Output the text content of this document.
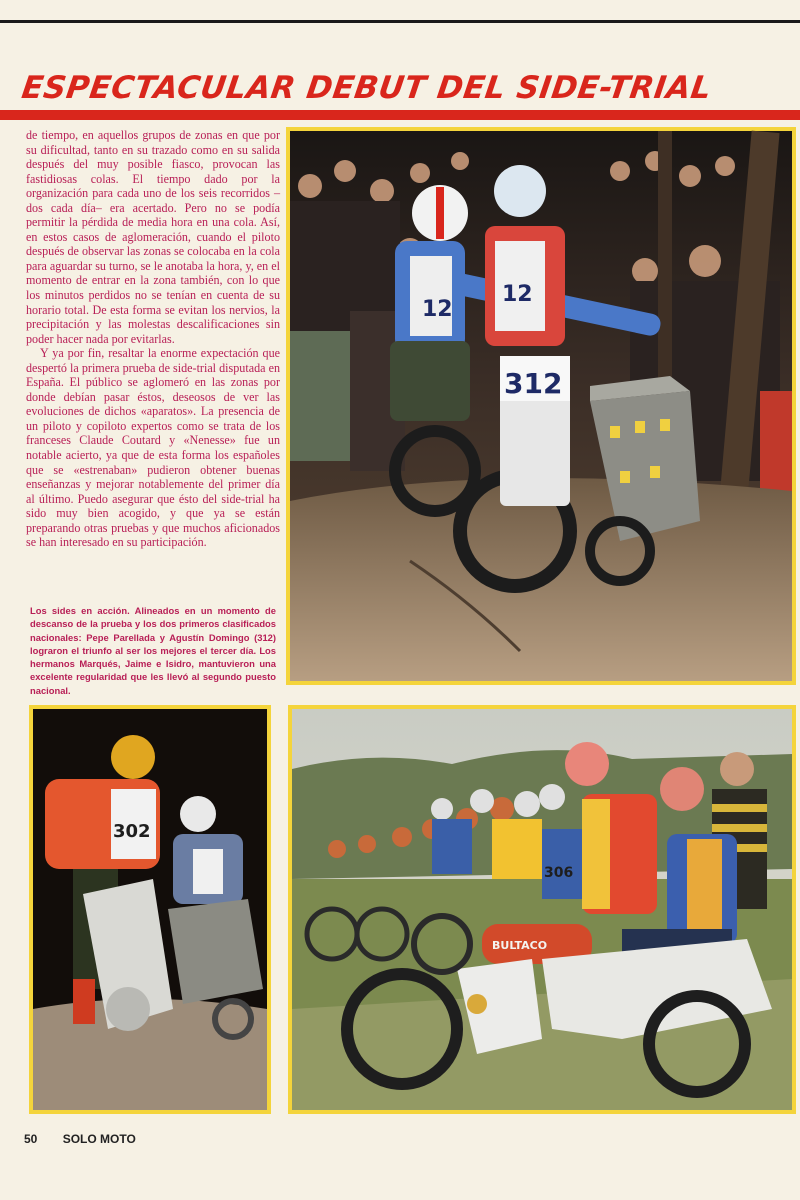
ESPECTACULAR DEBUT DEL SIDE-TRIAL

de tiempo, en aquellos grupos de zonas en que por su dificultad, tanto en su trazado como en su salida después del muy posible fiasco, provocan las fastidiosas colas. El tiempo dado por la organización para cada uno de los seis recorridos –dos cada día– era acertado. Pero no se podía permitir la pérdida de media hora en una cola. Así, en estos casos de aglomeración, cuando el piloto después de observar las zonas se colocaba en la cola para aguardar su turno, se le anotaba la hora, y, en el momento de entrar en la zona también, con lo que los minutos perdidos no se tenían en cuenta de su horario total. De esta forma se evitan los nervios, la precipitación y las molestas descalificaciones sin poder hacer nada por evitarlas.

Y ya por fin, resaltar la enorme expectación que despertó la primera prueba de side-trial disputada en España. El público se aglomeró en las zonas por donde debían pasar éstos, deseosos de ver las evoluciones de dichos «aparatos». La presencia de un piloto y copiloto expertos como se trata de los franceses Claude Coutard y «Nenesse» fue un notable acierto, ya que de esta forma los españoles que se «estrenaban» pudieron obtener buenas enseñanzas y mejorar notablemente del primer día al último. Puedo asegurar que ésto del side-trial ha sido muy bien acogido, y que ya se están preparando otras pruebas y que muchos aficionados se han interesado en su participación.

Los sides en acción. Alineados en un momento de descanso de la prueba y los dos primeros clasificados nacionales: Pepe Parellada y Agustín Domingo (312) lograron el triunfo al ser los mejores el tercer día. Los hermanos Marqués, Jaime e Isidro, mantuvieron una excelente regularidad que les llevó al segundo puesto nacional.
12
12
312
302
306
BULTACO
50 SOLO MOTO
